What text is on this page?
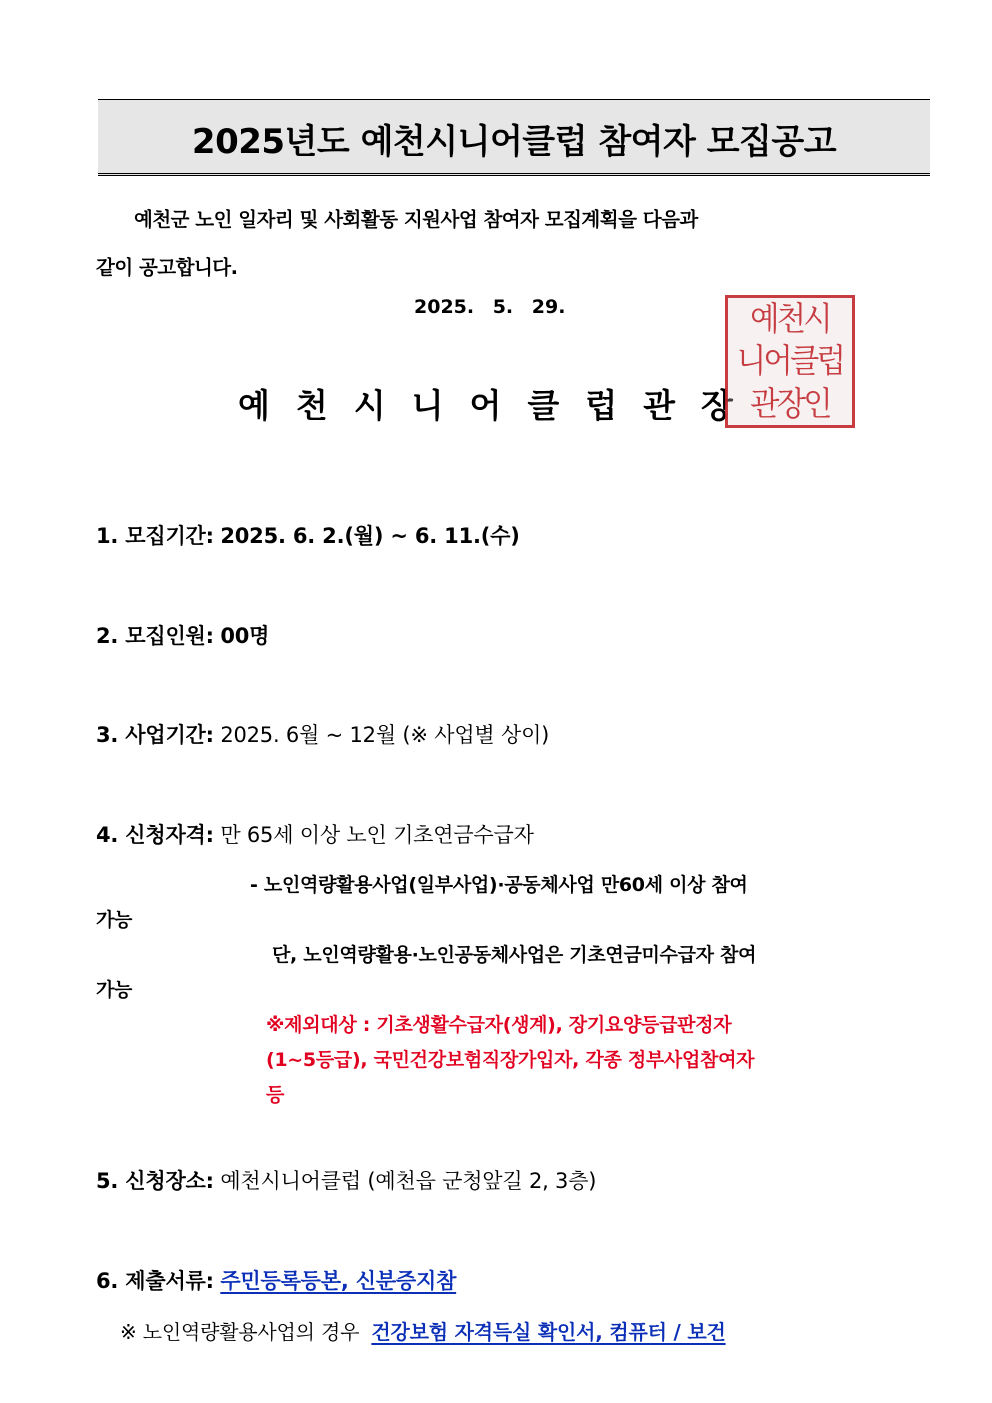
2025년도 예천시니어클럽 참여자 모집공고
예천군 노인 일자리 및 사회활동 지원사업 참여자 모집계획을 다음과
같이 공고합니다.
2025. 5. 29.
예천시니어클럽관장
예천시
니어클럽
관장인
1. 모집기간: 2025. 6. 2.(월) ~ 6. 11.(수)
2. 모집인원: 00명
3. 사업기간: 2025. 6월 ~ 12월 (※ 사업별 상이)
4. 신청자격: 만 65세 이상 노인 기초연금수급자
- 노인역량활용사업(일부사업)·공동체사업 만60세 이상 참여
가능
단, 노인역량활용·노인공동체사업은 기초연금미수급자 참여
가능
※제외대상 : 기초생활수급자(생계), 장기요양등급판정자
(1~5등급), 국민건강보험직장가입자, 각종 정부사업참여자
등
5. 신청장소: 예천시니어클럽 (예천읍 군청앞길 2, 3층)
6. 제출서류: 주민등록등본, 신분증지참
※ 노인역량활용사업의 경우 건강보험 자격득실 확인서, 컴퓨터 / 보건
